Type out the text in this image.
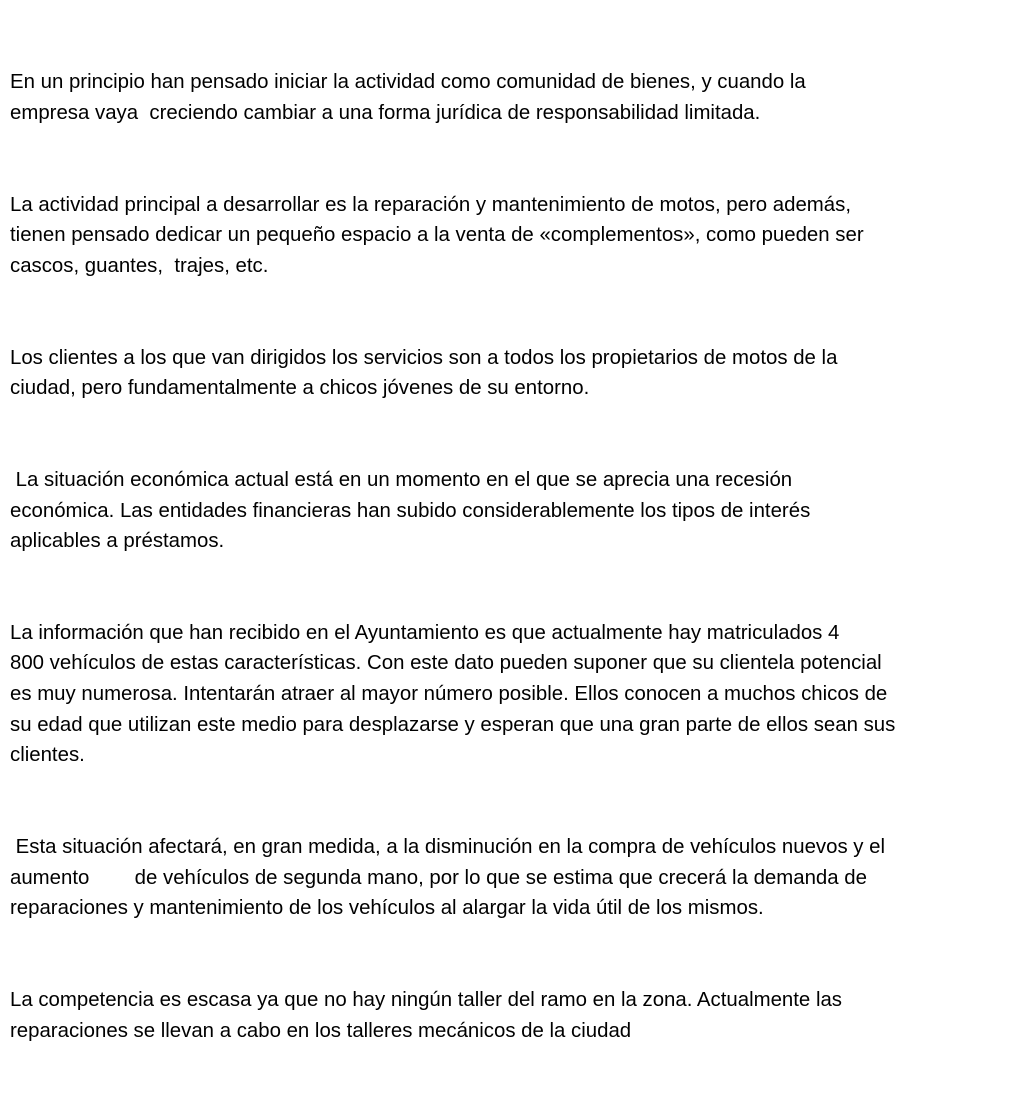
En un principio han pensado iniciar la actividad como comunidad de bienes, y cuando la
empresa vaya  creciendo cambiar a una forma jurídica de responsabilidad limitada.

La actividad principal a desarrollar es la reparación y mantenimiento de motos, pero además,
tienen pensado dedicar un pequeño espacio a la venta de «complementos», como pueden ser
cascos, guantes,  trajes, etc.

Los clientes a los que van dirigidos los servicios son a todos los propietarios de motos de la
ciudad, pero fundamentalmente a chicos jóvenes de su entorno.

La situación económica actual está en un momento en el que se aprecia una recesión
económica. Las entidades financieras han subido considerablemente los tipos de interés
aplicables a préstamos.

La información que han recibido en el Ayuntamiento es que actualmente hay matriculados 4
800 vehículos de estas características. Con este dato pueden suponer que su clientela potencial
es muy numerosa. Intentarán atraer al mayor número posible. Ellos conocen a muchos chicos de
su edad que utilizan este medio para desplazarse y esperan que una gran parte de ellos sean sus
clientes.

Esta situación afectará, en gran medida, a la disminución en la compra de vehículos nuevos y el
aumento        de vehículos de segunda mano, por lo que se estima que crecerá la demanda de
reparaciones y mantenimiento de los vehículos al alargar la vida útil de los mismos.

La competencia es escasa ya que no hay ningún taller del ramo en la zona. Actualmente las
reparaciones se llevan a cabo en los talleres mecánicos de la ciudad
